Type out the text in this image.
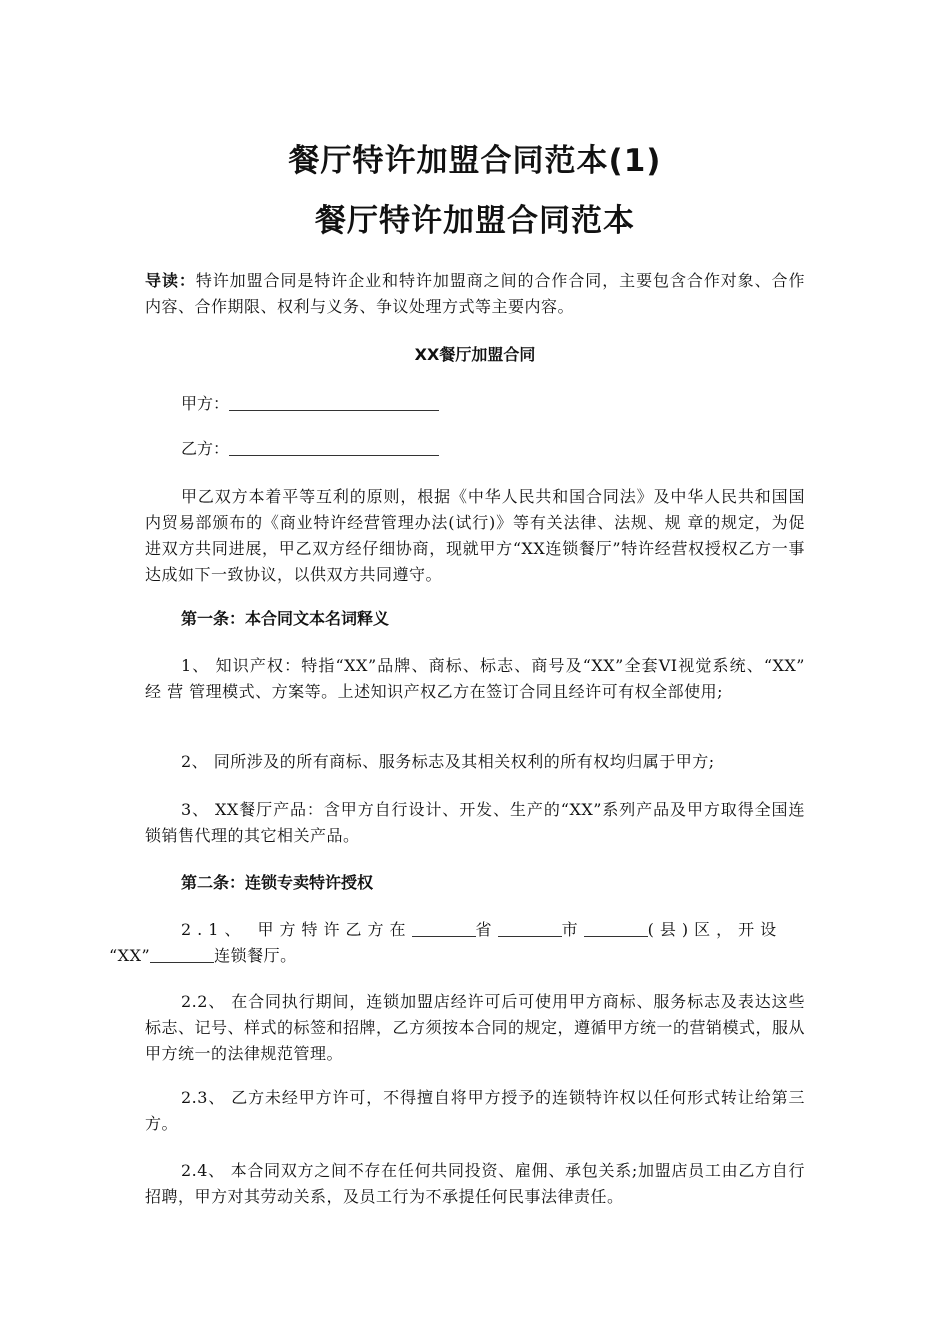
餐厅特许加盟合同范本(1)
餐厅特许加盟合同范本
导读：特许加盟合同是特许企业和特许加盟商之间的合作合同，主要包含合作对象、合作内容、合作期限、权利与义务、争议处理方式等主要内容。
XX餐厅加盟合同
甲方：
乙方：
甲乙双方本着平等互利的原则，根据《中华人民共和国合同法》及中华人民共和国国内贸易部颁布的《商业特许经营管理办法(试行)》等有关法律、法规、规 章的规定，为促进双方共同进展，甲乙双方经仔细协商，现就甲方“XX连锁餐厅”特许经营权授权乙方一事达成如下一致协议，以供双方共同遵守。
第一条：本合同文本名词释义
1、 知识产权：特指“XX”品牌、商标、标志、商号及“XX”全套VI视觉系统、“XX” 经 营 管理模式、方案等。上述知识产权乙方在签订合同且经许可有权全部使用;
2、 同所涉及的所有商标、服务标志及其相关权利的所有权均归属于甲方;
3、 XX餐厅产品：含甲方自行设计、开发、生产的“XX”系列产品及甲方取得全国连锁销售代理的其它相关产品。
第二条：连锁专卖特许授权
2.1、 甲方特许乙方在	省	市	(县)区，开设
“XX”	连锁餐厅。
2.2、 在合同执行期间，连锁加盟店经许可后可使用甲方商标、服务标志及表达这些标志、记号、样式的标签和招牌，乙方须按本合同的规定，遵循甲方统一的营销模式，服从甲方统一的法律规范管理。
2.3、 乙方未经甲方许可，不得擅自将甲方授予的连锁特许权以任何形式转让给第三方。
2.4、 本合同双方之间不存在任何共同投资、雇佣、承包关系;加盟店员工由乙方自行招聘，甲方对其劳动关系，及员工行为不承提任何民事法律责任。
